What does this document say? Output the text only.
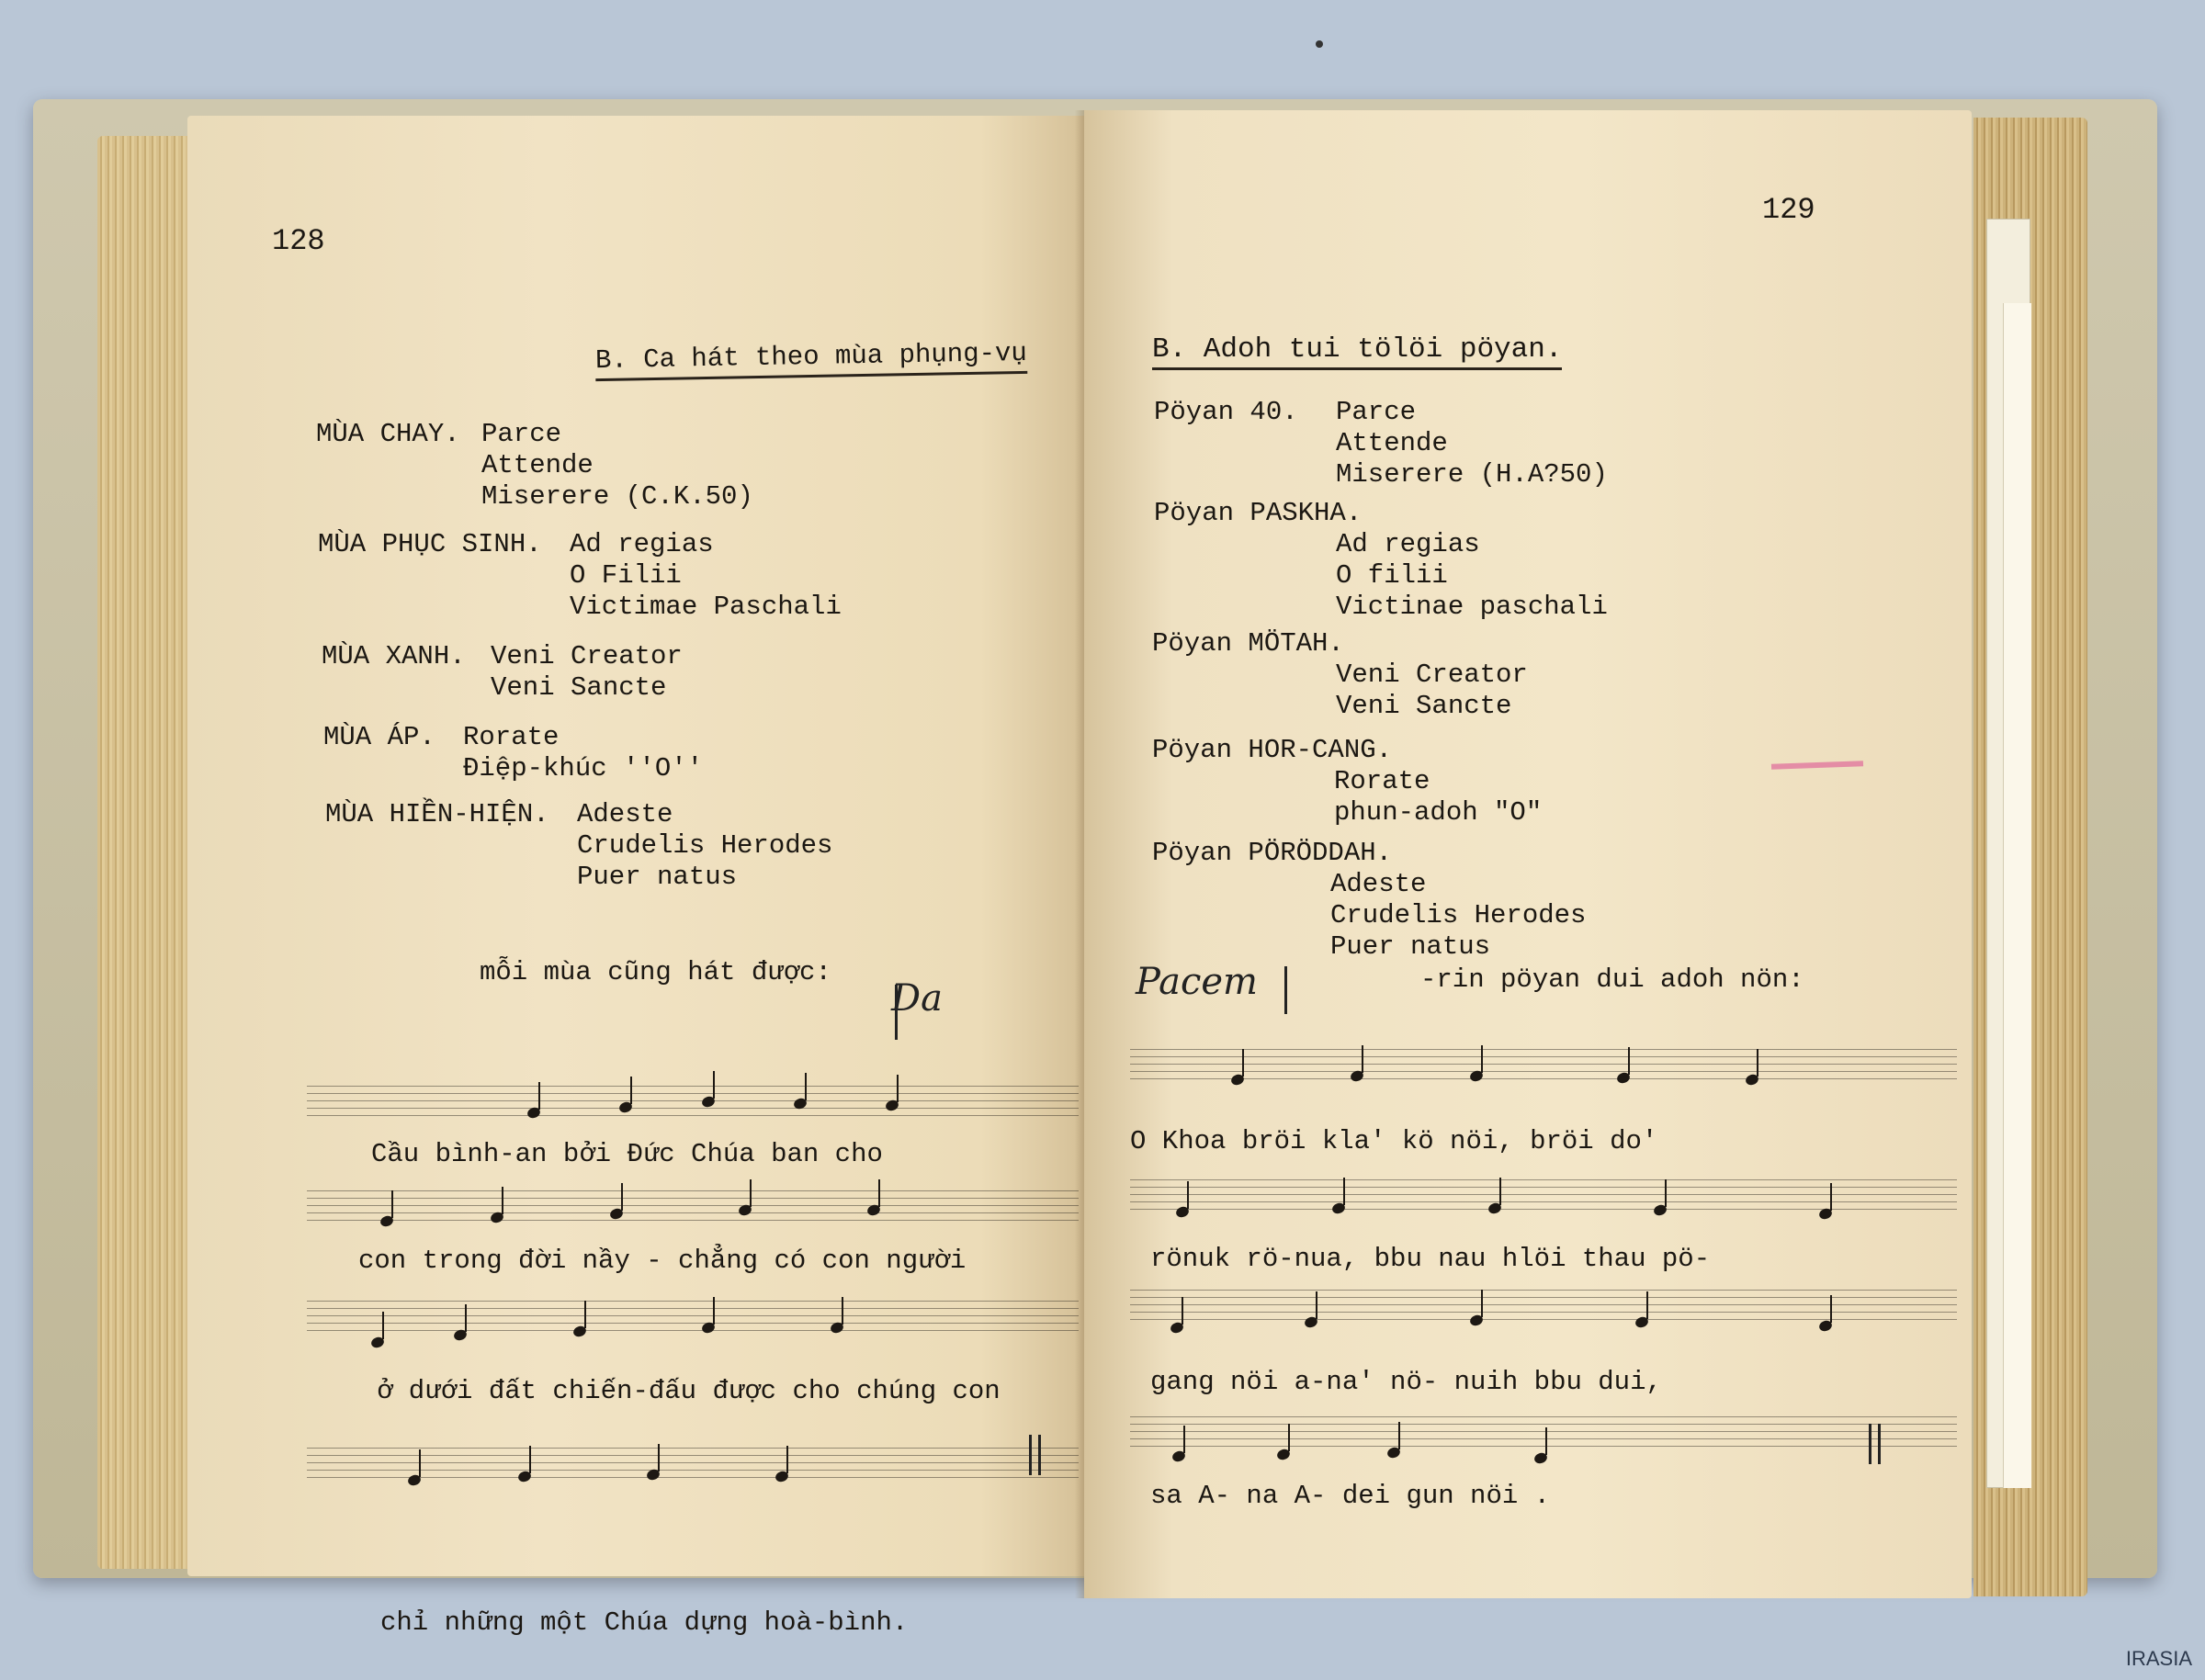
128
B. Ca hát theo mùa phụng-vụ
MÙA CHAY. Parce
Attende
Miserere (C.K.50)
MÙA PHỤC SINH. Ad regias
O Filii
Victimae Paschali
MÙA XANH. Veni Creator
Veni Sancte
MÙA ÁP. Rorate
Điệp-khúc ''O''
MÙA HIỀN-HIỆN. Adeste
Crudelis Herodes
Puer natus
mỗi mùa cũng hát được:
Da
Cầu bình-an bởi Đức Chúa ban cho
con trong đời nầy - chẳng có con người
ở dưới đất chiến-đấu được cho chúng con
chỉ những một Chúa dựng hoà-bình.
129
B. Adoh tui tölöi pöyan.
Pöyan 40. Parce
Attende
Miserere (H.A?50)
Pöyan PASKHA.
Ad regias
O filii
Victinae paschali
Pöyan MÖTAH.
Veni Creator
Veni Sancte
Pöyan HOR-CANG.
Rorate
phun-adoh "O"
Pöyan PÖRÖDDAH.
Adeste
Crudelis Herodes
Puer natus
-rin pöyan dui adoh nön:
Pacem
O Khoa bröi kla' kö nöi, bröi do'
rönuk rö-nua, bbu nau hlöi thau pö-
gang nöi a-na' nö- nuih bbu dui,
sa A- na A- dei gun nöi .
IRASIA
